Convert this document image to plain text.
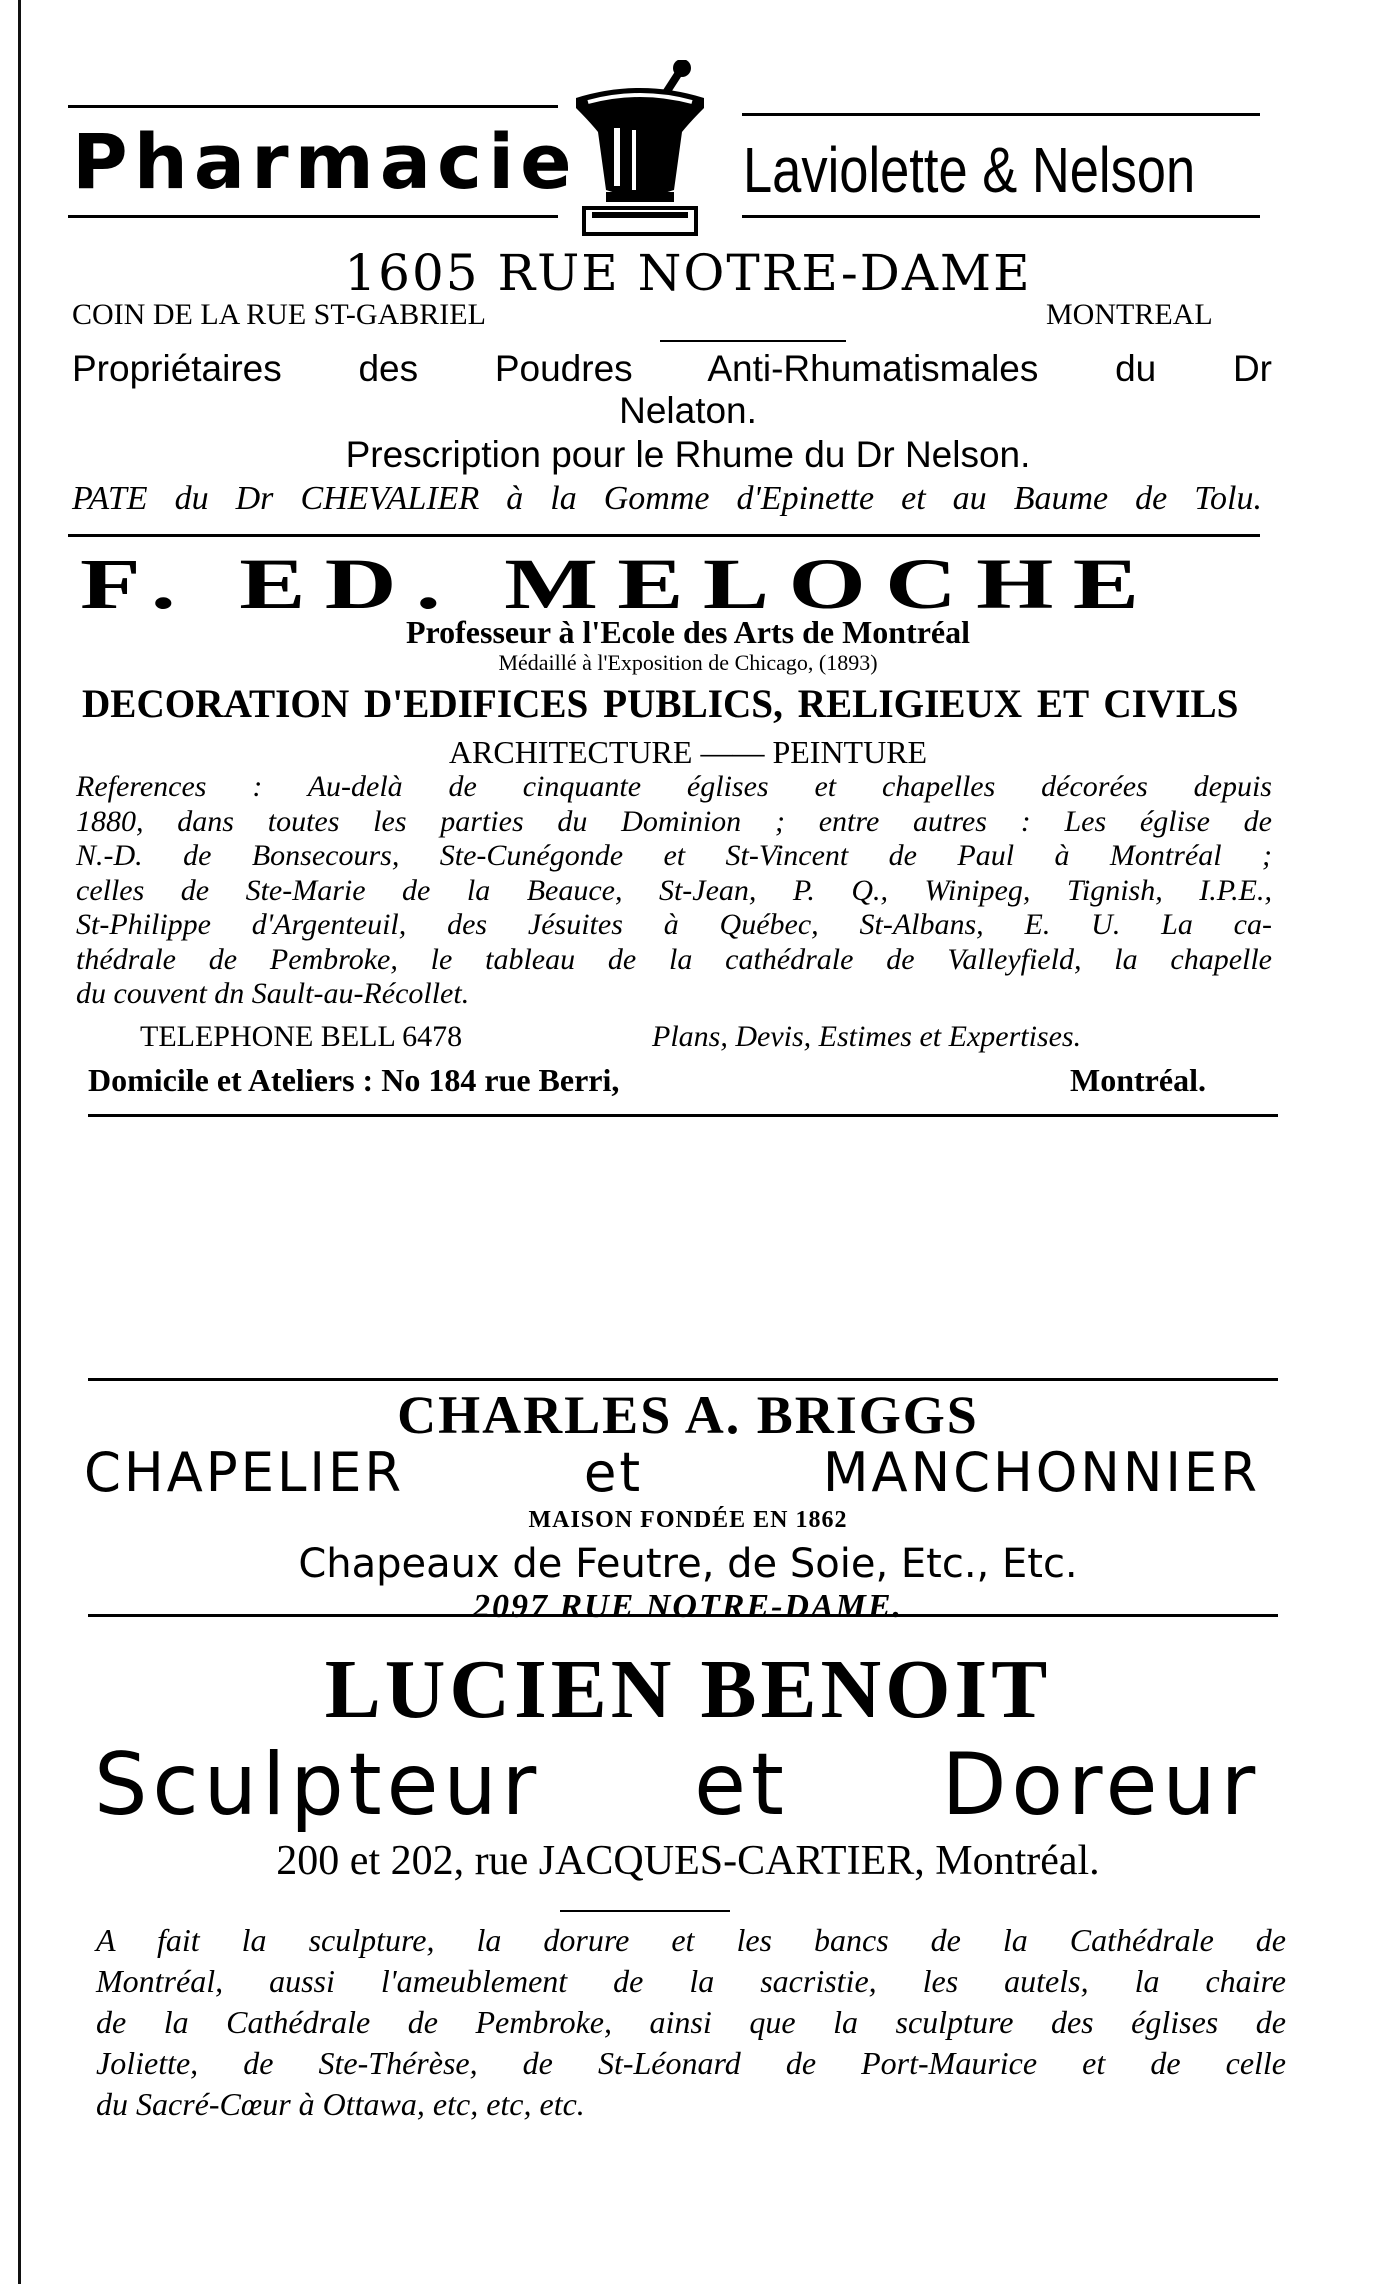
Pharmacie	Laviolette & Nelson
1605 RUE NOTRE-DAME
COIN DE LA RUE ST-GABRIEL	MONTREAL
Propriétaires des Poudres Anti-Rhumatismales du Dr
Nelaton.
Prescription pour le Rhume du Dr Nelson.
PATE du Dr CHEVALIER à la Gomme d'Epinette et au Baume de Tolu.
F. ED. MELOCHE
Professeur à l'Ecole des Arts de Montréal
Médaillé à l'Exposition de Chicago, (1893)
DECORATION D'EDIFICES PUBLICS, RELIGIEUX ET CIVILS
ARCHITECTURE —— PEINTURE
References : Au-delà de cinquante églises et chapelles décorées depuis
1880, dans toutes les parties du Dominion ; entre autres : Les église de
N.-D. de Bonsecours, Ste-Cunégonde et St-Vincent de Paul à Montréal ;
celles de Ste-Marie de la Beauce, St-Jean, P. Q., Winipeg, Tignish, I.P.E.,
St-Philippe d'Argenteuil, des Jésuites à Québec, St-Albans, E. U. La ca-
thédrale de Pembroke, le tableau de la cathédrale de Valleyfield, la chapelle
du couvent dn Sault-au-Récollet.
TELEPHONE BELL 6478	Plans, Devis, Estimes et Expertises.
Domicile et Ateliers : No 184 rue Berri,	Montréal.
CHARLES A. BRIGGS
CHAPELIER et MANCHONNIER
MAISON FONDÉE EN 1862
Chapeaux de Feutre, de Soie, Etc., Etc.
2097 RUE NOTRE-DAME.
LUCIEN BENOIT
Sculpteur et Doreur
200 et 202, rue JACQUES-CARTIER, Montréal.
A fait la sculpture, la dorure et les bancs de la Cathédrale de
Montréal, aussi l'ameublement de la sacristie, les autels, la chaire
de la Cathédrale de Pembroke, ainsi que la sculpture des églises de
Joliette, de Ste-Thérèse, de St-Léonard de Port-Maurice et de celle
du Sacré-Cœur à Ottawa, etc, etc, etc.
